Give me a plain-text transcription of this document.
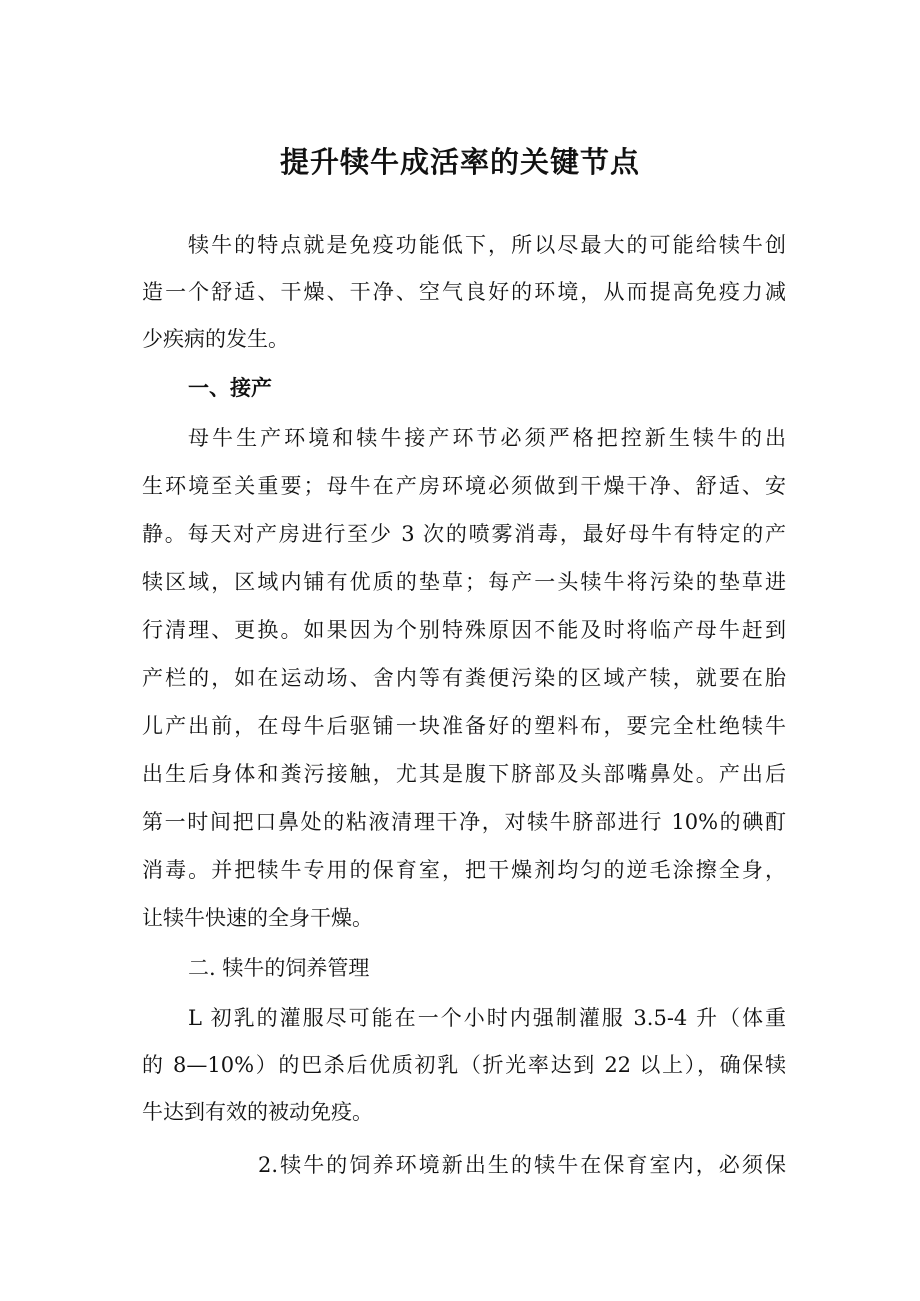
提升犊牛成活率的关键节点
犊牛的特点就是免疫功能低下，所以尽最大的可能给犊牛创
造一个舒适、干燥、干净、空气良好的环境，从而提高免疫力减
少疾病的发生。
一、接产
母牛生产环境和犊牛接产环节必须严格把控新生犊牛的出
生环境至关重要；母牛在产房环境必须做到干燥干净、舒适、安
静。每天对产房进行至少 3 次的喷雾消毒，最好母牛有特定的产
犊区域，区域内铺有优质的垫草；每产一头犊牛将污染的垫草进
行清理、更换。如果因为个别特殊原因不能及时将临产母牛赶到
产栏的，如在运动场、舍内等有粪便污染的区域产犊，就要在胎
儿产出前，在母牛后驱铺一块准备好的塑料布，要完全杜绝犊牛
出生后身体和粪污接触，尤其是腹下脐部及头部嘴鼻处。产出后
第一时间把口鼻处的粘液清理干净，对犊牛脐部进行 10%的碘酊
消毒。并把犊牛专用的保育室，把干燥剂均匀的逆毛涂擦全身，
让犊牛快速的全身干燥。
二. 犊牛的饲养管理
L 初乳的灌服尽可能在一个小时内强制灌服 3.5-4 升（体重
的 8—10%）的巴杀后优质初乳（折光率达到 22 以上），确保犊
牛达到有效的被动免疫。
2.犊牛的饲养环境新出生的犊牛在保育室内，必须保
